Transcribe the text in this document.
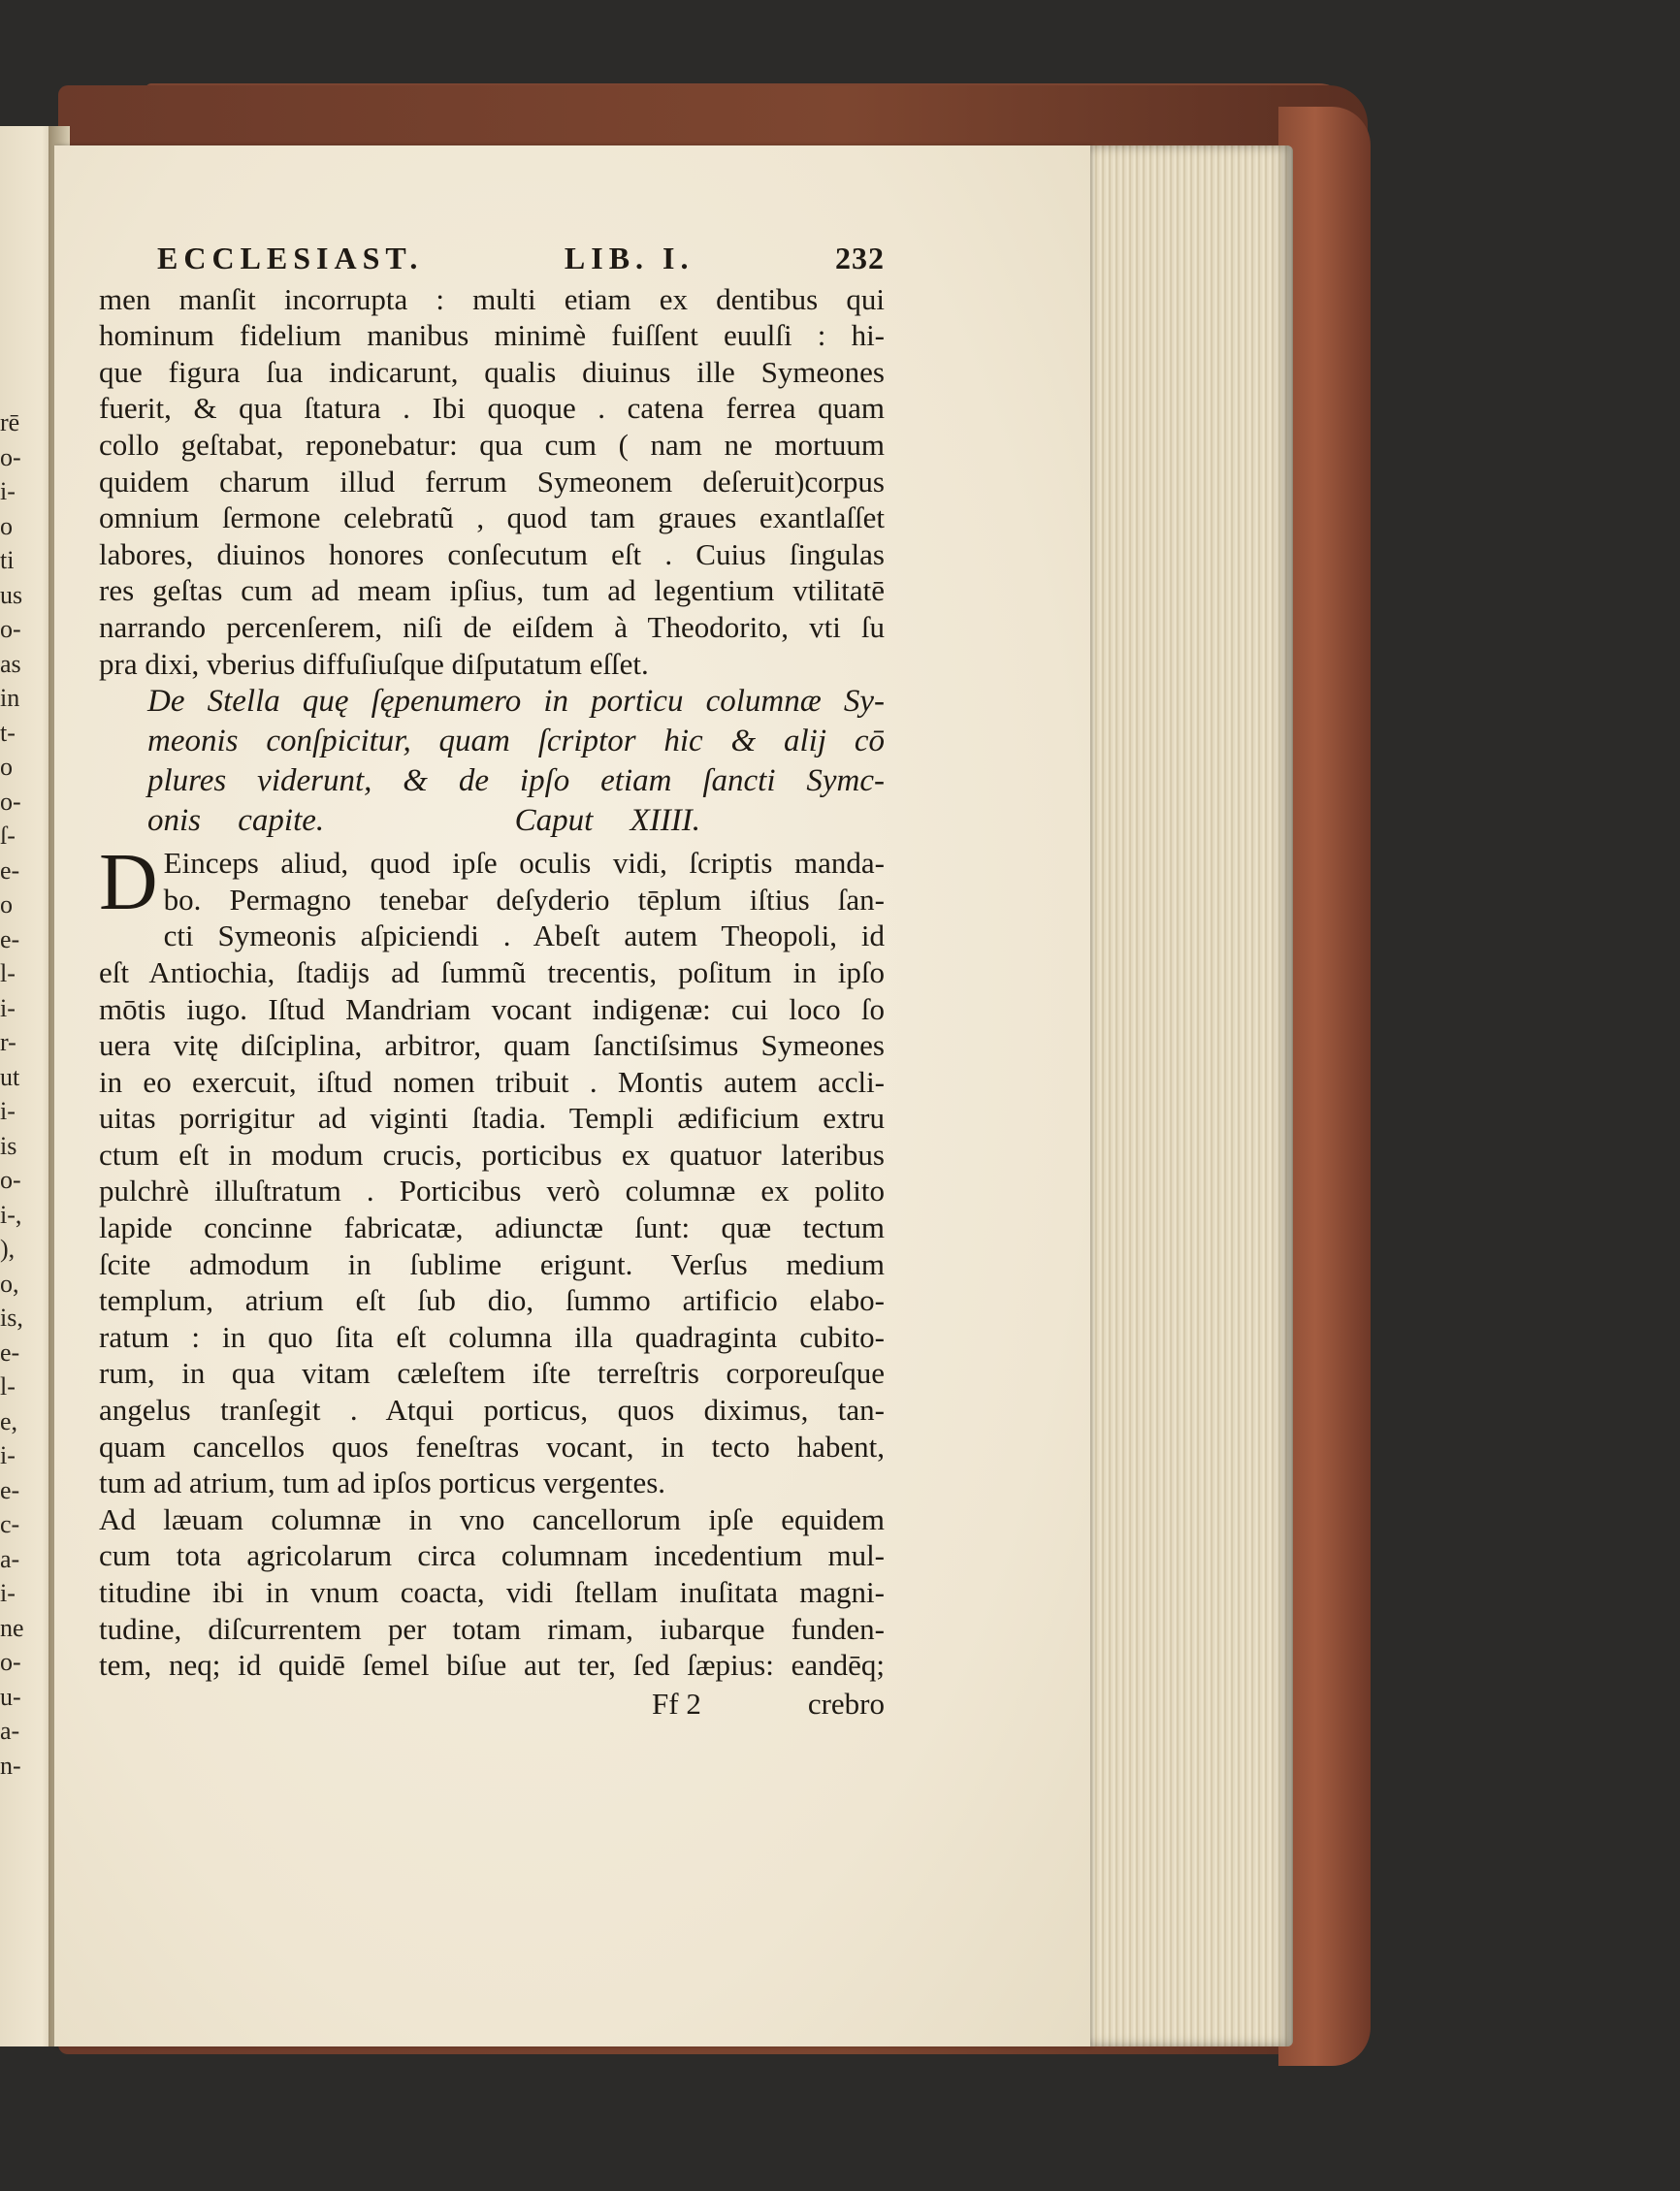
rē
o-
i-
o
ti
us
o-
as
in
t-
o
o-
ſ-
e-
o
e-
l-
i-
r-
ut
i-
is
o-
i-,
),
o,
is,
e-
l-
e,
i-
e-
c-
a-
i-
ne
o-
u-
a-
n-
ECCLESIAST.	LIB. I.	232
men manſit incorrupta : multi etiam ex dentibus qui
hominum fidelium manibus minimè fuiſſent euulſi : hi-
que figura ſua indicarunt, qualis diuinus ille Symeones
fuerit, & qua ſtatura . Ibi quoque . catena ferrea quam
collo geſtabat, reponebatur: qua cum ( nam ne mortuum
quidem charum illud ferrum Symeonem deſeruit)corpus
omnium ſermone celebratũ , quod tam graues exantlaſſet
labores, diuinos honores conſecutum eſt . Cuius ſingulas
res geſtas cum ad meam ipſius, tum ad legentium vtilitatē
narrando percenſerem, niſi de eiſdem à Theodorito, vti ſu
pra dixi, vberius diffuſiuſque diſputatum eſſet.
De Stella quę ſępenumero in porticu columnæ Sy-
meonis conſpicitur, quam ſcriptor hic & alij cō
plures viderunt, & de ipſo etiam ſancti Symc-
onis capite.	Caput XIIII.
D Einceps aliud, quod ipſe oculis vidi, ſcriptis manda-
bo. Permagno tenebar deſyderio tēplum iſtius ſan-
cti Symeonis aſpiciendi . Abeſt autem Theopoli, id
eſt Antiochia, ſtadijs ad ſummũ trecentis, poſitum in ipſo
mōtis iugo. Iſtud Mandriam vocant indigenæ: cui loco ſo
uera vitę diſciplina, arbitror, quam ſanctiſsimus Symeones
in eo exercuit, iſtud nomen tribuit . Montis autem accli-
uitas porrigitur ad viginti ſtadia. Templi ædificium extru
ctum eſt in modum crucis, porticibus ex quatuor lateribus
pulchrè illuſtratum . Porticibus verò columnæ ex polito
lapide concinne fabricatæ, adiunctæ ſunt: quæ tectum
ſcite admodum in ſublime erigunt. Verſus medium
templum, atrium eſt ſub dio, ſummo artificio elabo-
ratum : in quo ſita eſt columna illa quadraginta cubito-
rum, in qua vitam cæleſtem iſte terreſtris corporeuſque
angelus tranſegit . Atqui porticus, quos diximus, tan-
quam cancellos quos feneſtras vocant, in tecto habent,
tum ad atrium, tum ad ipſos porticus vergentes.
Ad læuam columnæ in vno cancellorum ipſe equidem
cum tota agricolarum circa columnam incedentium mul-
titudine ibi in vnum coacta, vidi ſtellam inuſitata magni-
tudine, diſcurrentem per totam rimam, iubarque funden-
tem, neq; id quidē ſemel biſue aut ter, ſed ſæpius: eandēq;
Ff 2	crebro
